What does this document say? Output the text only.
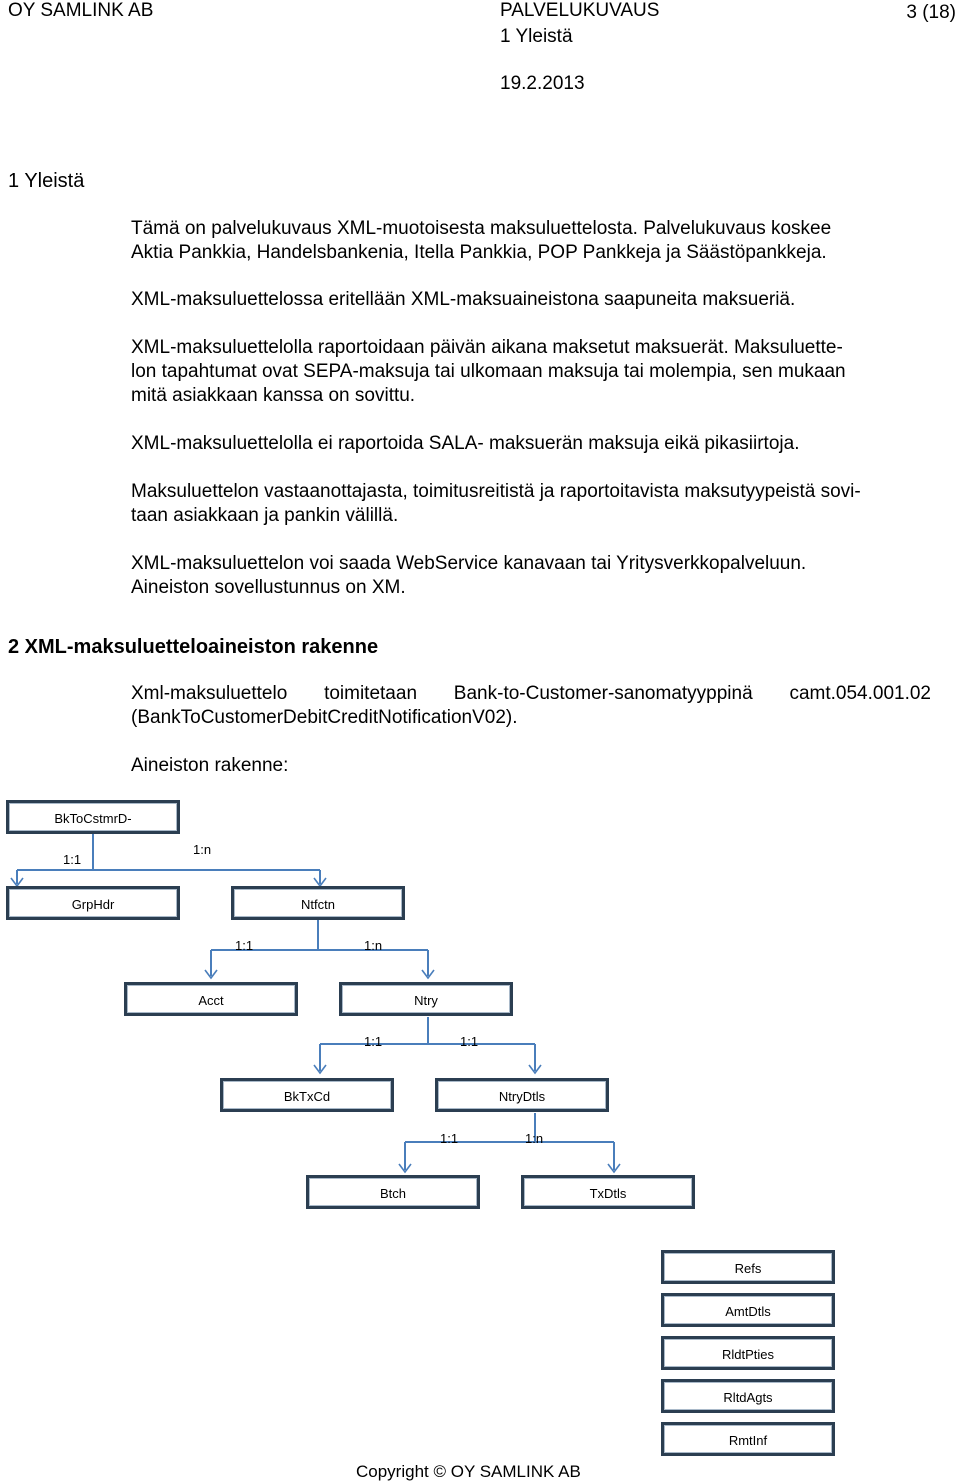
OY SAMLINK AB	PALVELUKUVAUS
1 Yleistä
19.2.2013
3 (18)
1 Yleistä
Tämä on palvelukuvaus XML-muotoisesta maksuluettelosta. Palvelukuvaus koskee
Aktia Pankkia, Handelsbankenia, Itella Pankkia, POP Pankkeja ja Säästöpankkeja.
XML-maksuluettelossa eritellään XML-maksuaineistona saapuneita maksueriä.
XML-maksuluettelolla raportoidaan päivän aikana maksetut maksuerät. Maksuluette-
lon tapahtumat ovat SEPA-maksuja tai ulkomaan maksuja tai molempia, sen mukaan
mitä asiakkaan kanssa on sovittu.
XML-maksuluettelolla ei raportoida SALA- maksuerän maksuja eikä pikasiirtoja.
Maksuluettelon vastaanottajasta, toimitusreitistä ja raportoitavista maksutyypeistä sovi-
taan asiakkaan ja pankin välillä.
XML-maksuluettelon voi saada WebService kanavaan tai Yritysverkkopalveluun.
Aineiston sovellustunnus on XM.
2 XML-maksuluetteloaineiston rakenne
Xml-maksuluettelo toimitetaan Bank-to-Customer-sanomatyyppinä camt.054.001.02
(BankToCustomerDebitCreditNotificationV02).
Aineiston rakenne:
BkToCstmrD-
GrpHdr	Ntfctn
Acct	Ntry
BkTxCd	NtryDtls
Btch	TxDtls
Refs
AmtDtls
RldtPties
RltdAgts
RmtInf
1:1
1:n
1:1	1:n
1:1	1:1
1:1	1:n
Copyright © OY SAMLINK AB
